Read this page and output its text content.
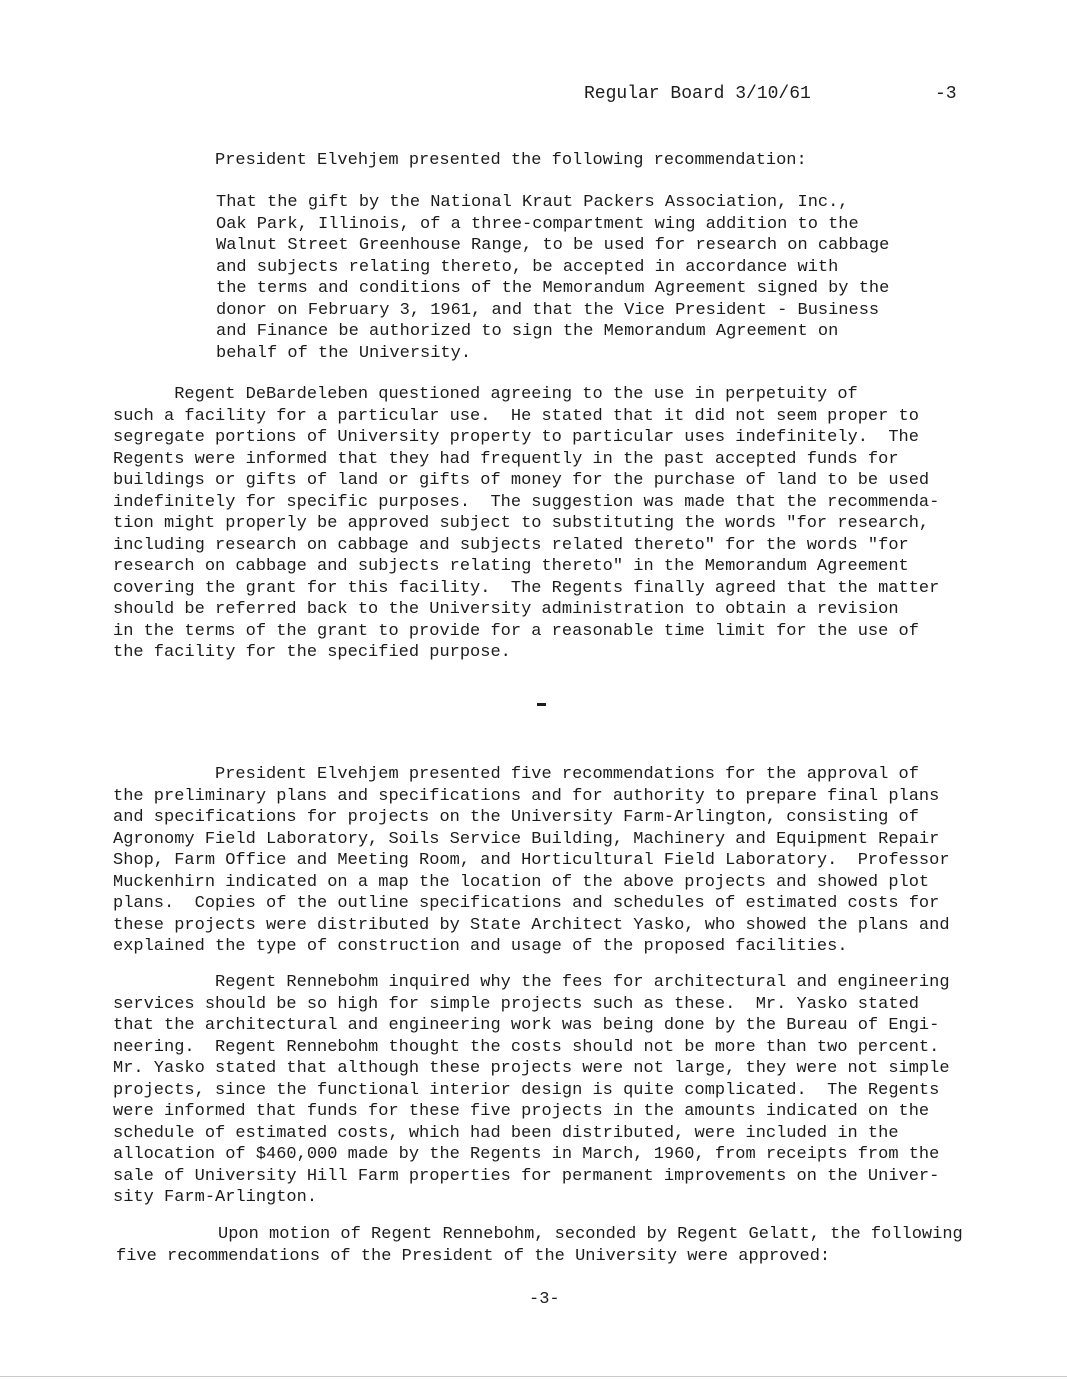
Regular Board 3/10/61	-3

President Elvehjem presented the following recommendation:

That the gift by the National Kraut Packers Association, Inc.,
Oak Park, Illinois, of a three-compartment wing addition to the
Walnut Street Greenhouse Range, to be used for research on cabbage
and subjects relating thereto, be accepted in accordance with
the terms and conditions of the Memorandum Agreement signed by the
donor on February 3, 1961, and that the Vice President - Business
and Finance be authorized to sign the Memorandum Agreement on
behalf of the University.

Regent DeBardeleben questioned agreeing to the use in perpetuity of
such a facility for a particular use.  He stated that it did not seem proper to
segregate portions of University property to particular uses indefinitely.  The
Regents were informed that they had frequently in the past accepted funds for
buildings or gifts of land or gifts of money for the purchase of land to be used
indefinitely for specific purposes.  The suggestion was made that the recommenda-
tion might properly be approved subject to substituting the words "for research,
including research on cabbage and subjects related thereto" for the words "for
research on cabbage and subjects relating thereto" in the Memorandum Agreement
covering the grant for this facility.  The Regents finally agreed that the matter
should be referred back to the University administration to obtain a revision
in the terms of the grant to provide for a reasonable time limit for the use of
the facility for the specified purpose.

President Elvehjem presented five recommendations for the approval of
the preliminary plans and specifications and for authority to prepare final plans
and specifications for projects on the University Farm-Arlington, consisting of
Agronomy Field Laboratory, Soils Service Building, Machinery and Equipment Repair
Shop, Farm Office and Meeting Room, and Horticultural Field Laboratory.  Professor
Muckenhirn indicated on a map the location of the above projects and showed plot
plans.  Copies of the outline specifications and schedules of estimated costs for
these projects were distributed by State Architect Yasko, who showed the plans and
explained the type of construction and usage of the proposed facilities.

Regent Rennebohm inquired why the fees for architectural and engineering
services should be so high for simple projects such as these.  Mr. Yasko stated
that the architectural and engineering work was being done by the Bureau of Engi-
neering.  Regent Rennebohm thought the costs should not be more than two percent.
Mr. Yasko stated that although these projects were not large, they were not simple
projects, since the functional interior design is quite complicated.  The Regents
were informed that funds for these five projects in the amounts indicated on the
schedule of estimated costs, which had been distributed, were included in the
allocation of $460,000 made by the Regents in March, 1960, from receipts from the
sale of University Hill Farm properties for permanent improvements on the Univer-
sity Farm-Arlington.

Upon motion of Regent Rennebohm, seconded by Regent Gelatt, the following
five recommendations of the President of the University were approved:

-3-
